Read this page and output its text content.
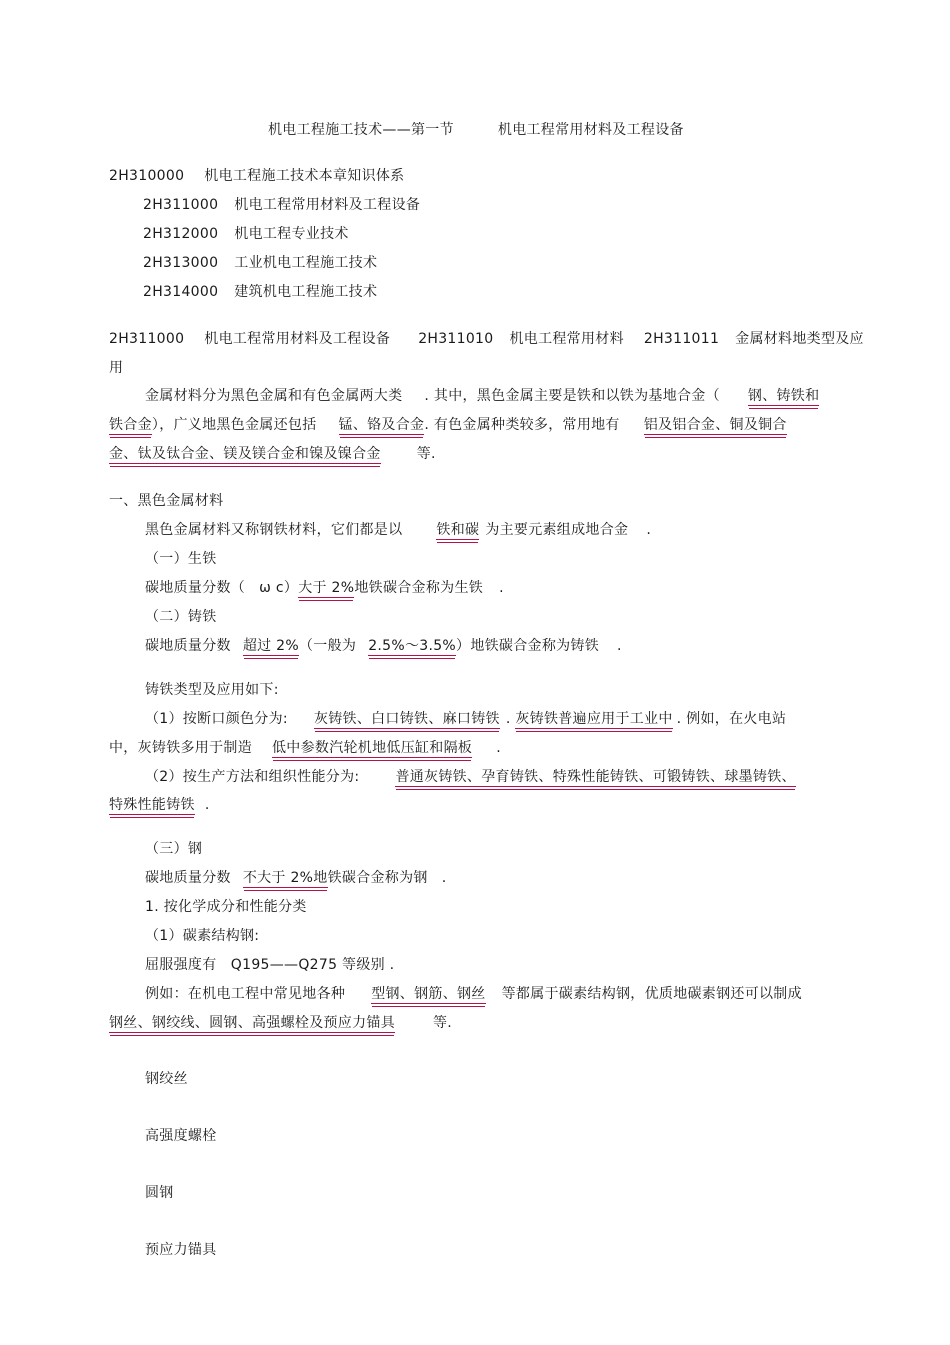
机电工程施工技术——第一节	机电工程常用材料及工程设备
2H310000 机电工程施工技术本章知识体系
2H311000 机电工程常用材料及工程设备
2H312000 机电工程专业技术
2H313000 工业机电工程施工技术
2H314000 建筑机电工程施工技术
2H311000 机电工程常用材料及工程设备 2H311010 机电工程常用材料 2H311011 金属材料地类型及应
用
金属材料分为黑色金属和有色金属两大类 . 其中，黑色金属主要是铁和以铁为基地合金（ 钢、铸铁和
铁合金），广义地黑色金属还包括 锰、铬及合金. 有色金属种类较多，常用地有 铝及铝合金、铜及铜合
金、钛及钛合金、镁及镁合金和镍及镍合金	等.
一、黑色金属材料
黑色金属材料又称钢铁材料，它们都是以 铁和碳 为主要元素组成地合金 .
（一）生铁
碳地质量分数（ ω c）大于 2%地铁碳合金称为生铁 .
（二）铸铁
碳地质量分数 超过 2%（一般为 2.5%～3.5%）地铁碳合金称为铸铁 .
铸铁类型及应用如下:
（1）按断口颜色分为: 灰铸铁、白口铸铁、麻口铸铁 . 灰铸铁普遍应用于工业中 . 例如，在火电站
中，灰铸铁多用于制造 低中参数汽轮机地低压缸和隔板 .
（2）按生产方法和组织性能分为:	普通灰铸铁、孕育铸铁、特殊性能铸铁、可锻铸铁、球墨铸铁、
特殊性能铸铁 .
（三）钢
碳地质量分数 不大于 2%地铁碳合金称为钢 .
1. 按化学成分和性能分类
（1）碳素结构钢:
屈服强度有　Q195——Q275 等级别 .
例如：在机电工程中常见地各种 型钢、钢筋、钢丝 等都属于碳素结构钢，优质地碳素钢还可以制成
钢丝、钢绞线、圆钢、高强螺栓及预应力锚具	等.
钢绞丝
高强度螺栓
圆钢
预应力锚具
